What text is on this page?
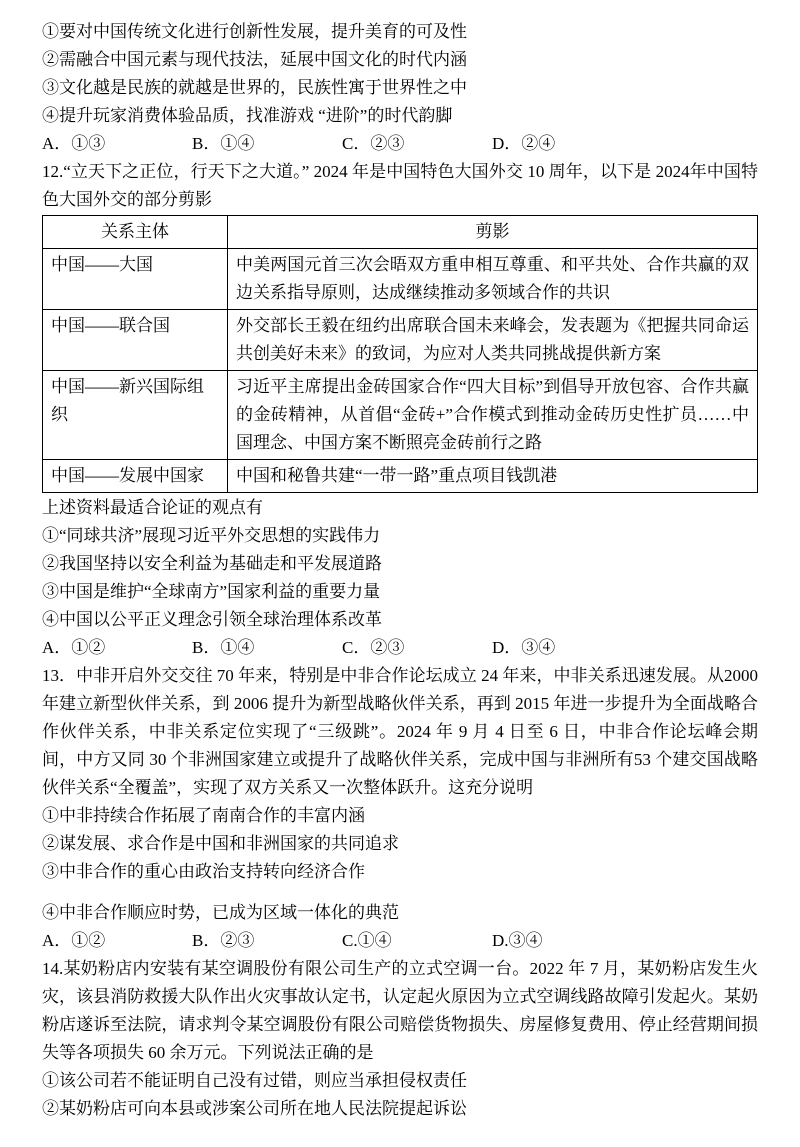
①要对中国传统文化进行创新性发展，提升美育的可及性
②需融合中国元素与现代技法，延展中国文化的时代内涵
③文化越是民族的就越是世界的，民族性寓于世界性之中
④提升玩家消费体验品质，找准游戏 “进阶”的时代韵脚
A．①③	B．①④	C．②③	D．②④

12.“立天下之正位，行天下之大道。” 2024 年是中国特色大国外交 10 周年，以下是 2024年中国特色大国外交的部分剪影

关系主体	剪影
中国——大国	中美两国元首三次会晤双方重申相互尊重、和平共处、合作共赢的双边关系指导原则，达成继续推动多领域合作的共识
中国——联合国	外交部长王毅在纽约出席联合国未来峰会，发表题为《把握共同命运 共创美好未来》的致词，为应对人类共同挑战提供新方案
中国——新兴国际组织	习近平主席提出金砖国家合作“四大目标”到倡导开放包容、合作共赢的金砖精神，从首倡“金砖+”合作模式到推动金砖历史性扩员……中国理念、中国方案不断照亮金砖前行之路
中国——发展中国家	中国和秘鲁共建“一带一路”重点项目钱凯港
上述资料最适合论证的观点有
①“同球共济”展现习近平外交思想的实践伟力
②我国坚持以安全利益为基础走和平发展道路
③中国是维护“全球南方”国家利益的重要力量
④中国以公平正义理念引领全球治理体系改革
A．①②	B．①④	C．②③	D．③④

13．中非开启外交交往 70 年来，特别是中非合作论坛成立 24 年来，中非关系迅速发展。从2000 年建立新型伙伴关系，到 2006 提升为新型战略伙伴关系，再到 2015 年进一步提升为全面战略合作伙伴关系，中非关系定位实现了“三级跳”。2024 年 9 月 4 日至 6 日，中非合作论坛峰会期间，中方又同 30 个非洲国家建立或提升了战略伙伴关系，完成中国与非洲所有53 个建交国战略伙伴关系“全覆盖”，实现了双方关系又一次整体跃升。这充分说明

①中非持续合作拓展了南南合作的丰富内涵
②谋发展、求合作是中国和非洲国家的共同追求
③中非合作的重心由政治支持转向经济合作
④中非合作顺应时势，已成为区域一体化的典范
A．①②	B．②③	C.①④	D.③④

14.某奶粉店内安装有某空调股份有限公司生产的立式空调一台。2022 年 7 月，某奶粉店发生火灾，该县消防救援大队作出火灾事故认定书，认定起火原因为立式空调线路故障引发起火。某奶粉店遂诉至法院，请求判令某空调股份有限公司赔偿货物损失、房屋修复费用、停止经营期间损失等各项损失 60 余万元。下列说法正确的是

①该公司若不能证明自己没有过错，则应当承担侵权责任
②某奶粉店可向本县或涉案公司所在地人民法院提起诉讼
